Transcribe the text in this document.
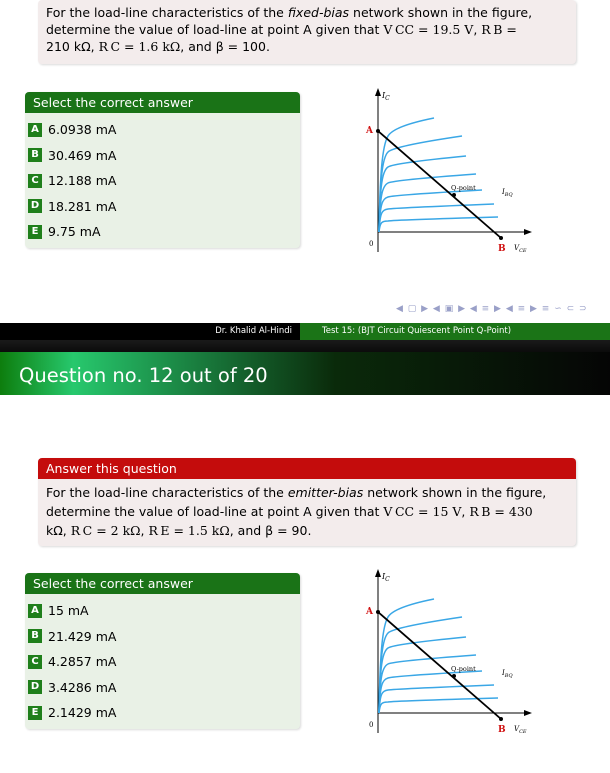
For the load-line characteristics of the fixed-bias network shown in the figure, determine the value of load-line at point A given that V CC = 19.5 V, R B =
210 kΩ, R C = 1.6 kΩ, and β = 100.
Select the correct answer
A 6.0938 mA
B 30.469 mA
C 12.188 mA
D 18.281 mA
E 9.75 mA
$I_C$
A
B
Q-point	$I_{BQ}$
$V_{CE}$
0
◀ ▢ ▶ ◀ ▣ ▶ ◀ ≡ ▶ ◀ ≡ ▶ ≡ ∽ ⊂ ⊃
Dr. Khalid Al-Hindi	Test 15: (BJT Circuit Quiescent Point Q-Point)
Question no. 12 out of 20
Answer this question
For the load-line characteristics of the emitter-bias network shown in the figure, determine the value of load-line at point A given that V CC = 15 V, R B = 430
kΩ, R C = 2 kΩ, R E = 1.5 kΩ, and β = 90.
Select the correct answer
A 15 mA
B 21.429 mA
C 4.2857 mA
D 3.4286 mA
E 2.1429 mA
$I_C$
A
B
Q-point	$I_{BQ}$
$V_{CE}$
0
